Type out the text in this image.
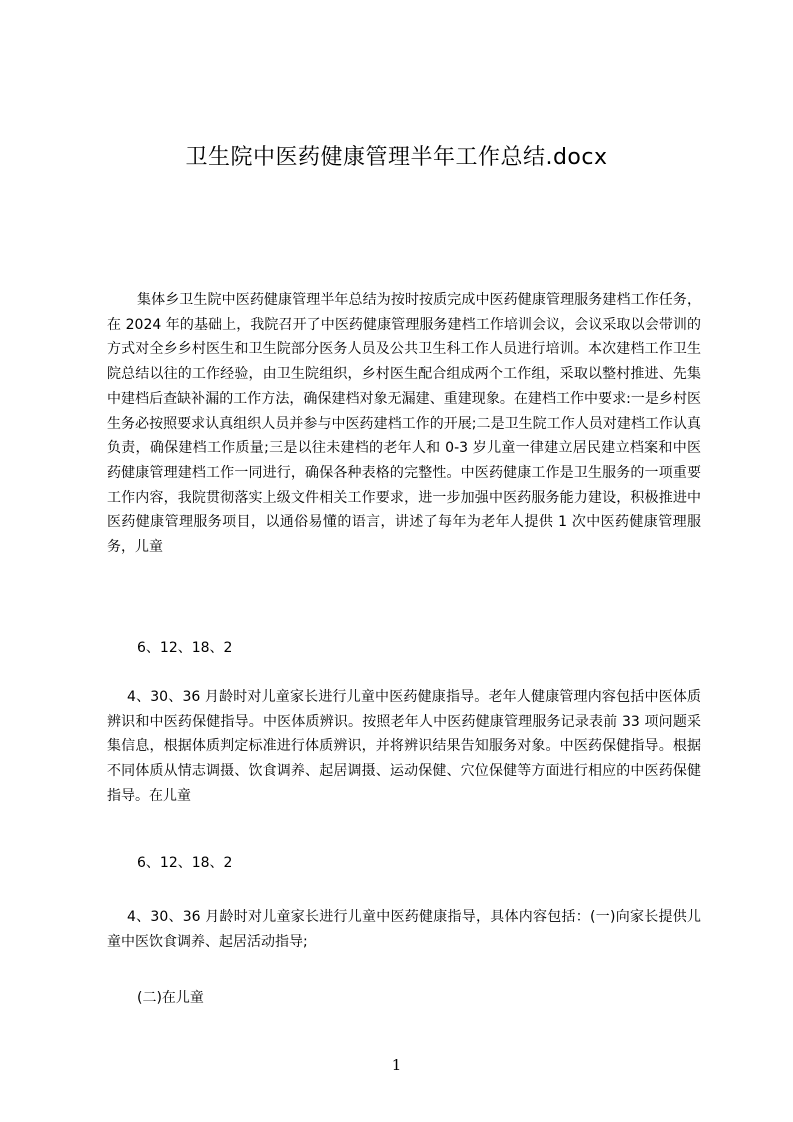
卫生院中医药健康管理半年工作总结.docx
集体乡卫生院中医药健康管理半年总结为按时按质完成中医药健康管理服务建档工作任务，在 2024 年的基础上，我院召开了中医药健康管理服务建档工作培训会议，会议采取以会带训的方式对全乡乡村医生和卫生院部分医务人员及公共卫生科工作人员进行培训。本次建档工作卫生院总结以往的工作经验，由卫生院组织，乡村医生配合组成两个工作组，采取以整村推进、先集中建档后查缺补漏的工作方法，确保建档对象无漏建、重建现象。在建档工作中要求:一是乡村医生务必按照要求认真组织人员并参与中医药建档工作的开展;二是卫生院工作人员对建档工作认真负责，确保建档工作质量;三是以往未建档的老年人和 0-3 岁儿童一律建立居民建立档案和中医药健康管理建档工作一同进行，确保各种表格的完整性。中医药健康工作是卫生服务的一项重要工作内容，我院贯彻落实上级文件相关工作要求，进一步加强中医药服务能力建设，积极推进中医药健康管理服务项目，以通俗易懂的语言，讲述了每年为老年人提供 1 次中医药健康管理服务，儿童
6、12、18、2
4、30、36 月龄时对儿童家长进行儿童中医药健康指导。老年人健康管理内容包括中医体质辨识和中医药保健指导。中医体质辨识。按照老年人中医药健康管理服务记录表前 33 项问题采集信息，根据体质判定标准进行体质辨识，并将辨识结果告知服务对象。中医药保健指导。根据不同体质从情志调摄、饮食调养、起居调摄、运动保健、穴位保健等方面进行相应的中医药保健指导。在儿童
6、12、18、2
4、30、36 月龄时对儿童家长进行儿童中医药健康指导，具体内容包括：(一)向家长提供儿童中医饮食调养、起居活动指导;
(二)在儿童
1
